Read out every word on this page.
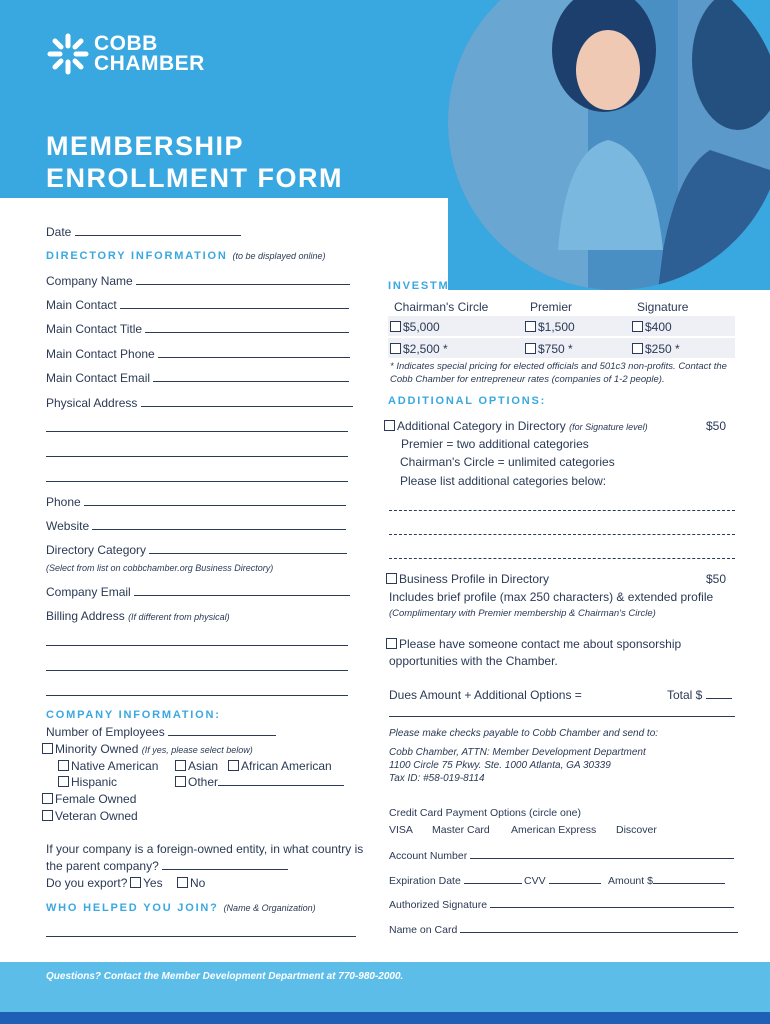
COBB
CHAMBER
MEMBERSHIP
ENROLLMENT FORM
Date
DIRECTORY INFORMATION (to be displayed online)
Company Name
Main Contact
Main Contact Title
Main Contact Phone
Main Contact Email
Physical Address
Phone
Website
Directory Category
(Select from list on cobbchamber.org Business Directory)
Company Email
Billing Address (If different from physical)
COMPANY INFORMATION:
Number of Employees
Minority Owned (If yes, please select below)
Native American	Asian	African American
Hispanic	Other
Female Owned
Veteran Owned
If your company is a foreign-owned entity, in what country is
the parent company?
Do you export?	Yes	No
WHO HELPED YOU JOIN? (Name & Organization)
INVESTMENT LEVEL:
Chairman's Circle	Premier	Signature
$5,000	$1,500	$400
$2,500 *	$750 *	$250 *
* Indicates special pricing for elected officials and 501c3 non-profits. Contact the
Cobb Chamber for entrepreneur rates (companies of 1-2 people).
ADDITIONAL OPTIONS:
Additional Category in Directory (for Signature level)	$50
Premier = two additional categories
Chairman's Circle = unlimited categories
Please list additional categories below:
Business Profile in Directory	$50
Includes brief profile (max 250 characters) & extended profile
(Complimentary with Premier membership & Chairman's Circle)
Please have someone contact me about sponsorship
opportunities with the Chamber.
Dues Amount + Additional Options =	Total $
Please make checks payable to Cobb Chamber and send to:
Cobb Chamber, ATTN: Member Development Department
1100 Circle 75 Pkwy. Ste. 1000 Atlanta, GA 30339
Tax ID: #58-019-8114
Credit Card Payment Options (circle one)
VISA Master Card American Express Discover
Account Number
Expiration Date	CVV	Amount $
Authorized Signature
Name on Card
Questions? Contact the Member Development Department at 770-980-2000.
